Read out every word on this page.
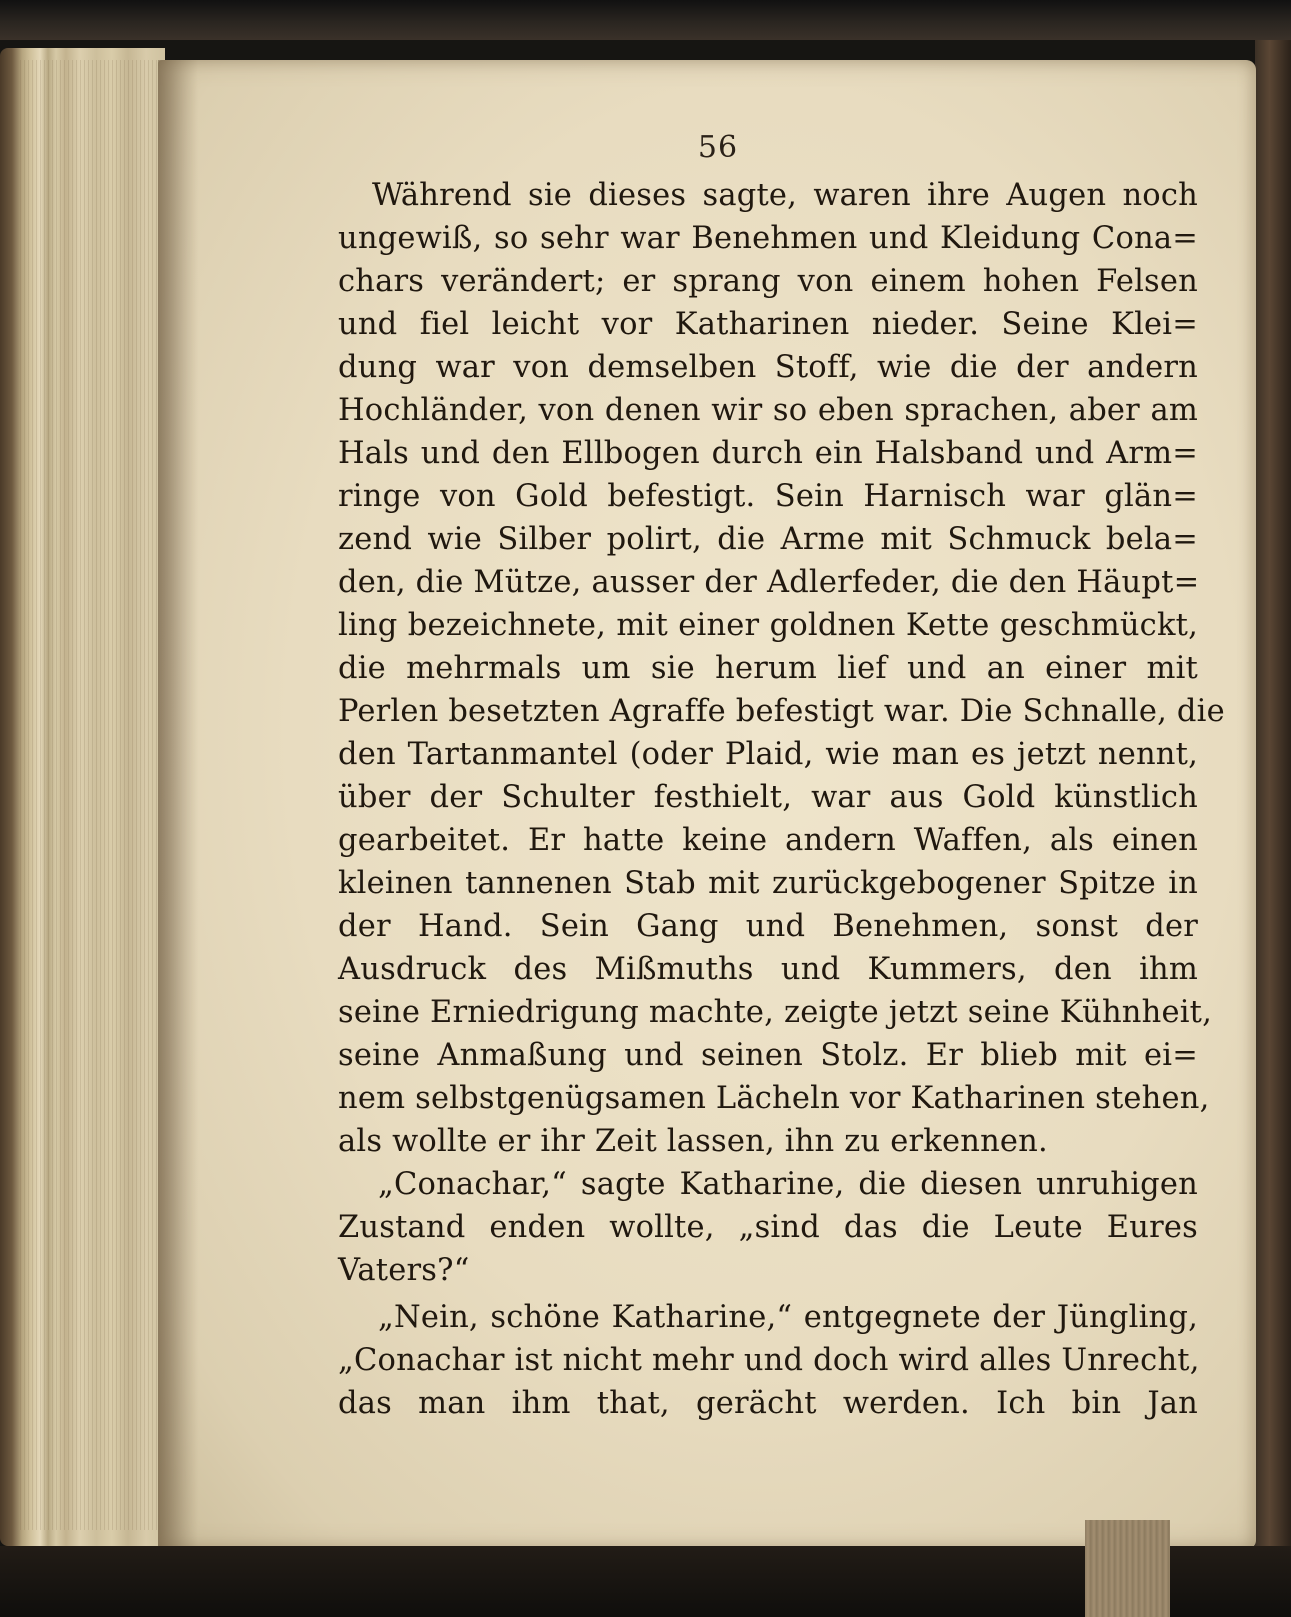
56
Während sie dieses sagte, waren ihre Augen noch
ungewiß, so sehr war Benehmen und Kleidung Cona=
chars verändert; er sprang von einem hohen Felsen
und fiel leicht vor Katharinen nieder. Seine Klei=
dung war von demselben Stoff, wie die der andern
Hochländer, von denen wir so eben sprachen, aber am
Hals und den Ellbogen durch ein Halsband und Arm=
ringe von Gold befestigt. Sein Harnisch war glän=
zend wie Silber polirt, die Arme mit Schmuck bela=
den, die Mütze, ausser der Adlerfeder, die den Häupt=
ling bezeichnete, mit einer goldnen Kette geschmückt,
die mehrmals um sie herum lief und an einer mit
Perlen besetzten Agraffe befestigt war. Die Schnalle, die
den Tartanmantel (oder Plaid, wie man es jetzt nennt,
über der Schulter festhielt, war aus Gold künstlich
gearbeitet. Er hatte keine andern Waffen, als einen
kleinen tannenen Stab mit zurückgebogener Spitze in
der Hand. Sein Gang und Benehmen, sonst der
Ausdruck des Mißmuths und Kummers, den ihm
seine Erniedrigung machte, zeigte jetzt seine Kühnheit,
seine Anmaßung und seinen Stolz. Er blieb mit ei=
nem selbstgenügsamen Lächeln vor Katharinen stehen,
als wollte er ihr Zeit lassen, ihn zu erkennen.
„Conachar,“ sagte Katharine, die diesen unruhigen
Zustand enden wollte, „sind das die Leute Eures
Vaters?“
„Nein, schöne Katharine,“ entgegnete der Jüngling,
„Conachar ist nicht mehr und doch wird alles Unrecht,
das man ihm that, gerächt werden. Ich bin Jan
